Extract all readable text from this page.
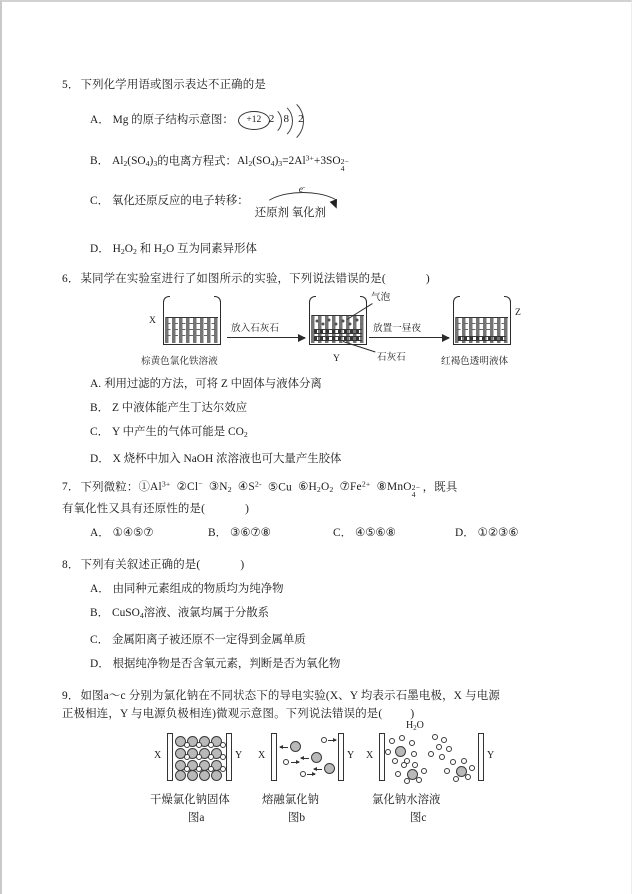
5．下列化学用语或图示表达不正确的是
A． Mg 的原子结构示意图：	+12 2 8 2
B． $Al_2(SO_4)_3$的电离方程式：$Al_2(SO_4)_3=2Al^{3+}+3SO$ 2−
4
C． 氧化还原反应的电子转移：
e-
还原剂 氧化剂
D． $H_2O_2$ 和 $H_2O$ 互为同素异形体
6．某同学在实验室进行了如图所示的实验，下列说法错误的是(	)
X
棕黄色氯化铁溶液
放入石灰石
Y
气泡
石灰石
放置一昼夜
Z
红褐色透明液体
A. 利用过滤的方法，可将 Z 中固体与液体分离
B． Z 中液体能产生丁达尔效应
C． Y 中产生的气体可能是 $CO_2$
D． X 烧杯中加入 NaOH 浓溶液也可大量产生胶体
7．下列微粒：$①Al^{3+}$ ②Cl− $③N_2$ $④S^{2-}$ ⑤Cu $⑥H_2O_2$ $⑦Fe^{2+}$ ⑧MnO 2−
4
，既具
有氧化性又具有还原性的是(	)
A． ①④⑤⑦	B． ③⑥⑦⑧	C． ④⑤⑥⑧	D． ①②③⑥
8．下列有关叙述正确的是(	)
A． 由同种元素组成的物质均为纯净物
B． CuSO$_4$溶液、液氯均属于分散系
C． 金属阳离子被还原不一定得到金属单质
D． 根据纯净物是否含氧元素，判断是否为氧化物
9．如图a～c 分别为氯化钠在不同状态下的导电实验(X、Y 均表示石墨电极，X 与电源
正极相连，Y 与电源负极相连)微观示意图。下列说法错误的是( )
X	Y X	Y X	Y
$H_2O$
干燥氯化钠固体	熔融氯化钠	氯化钠水溶液
图a	图b	图c
